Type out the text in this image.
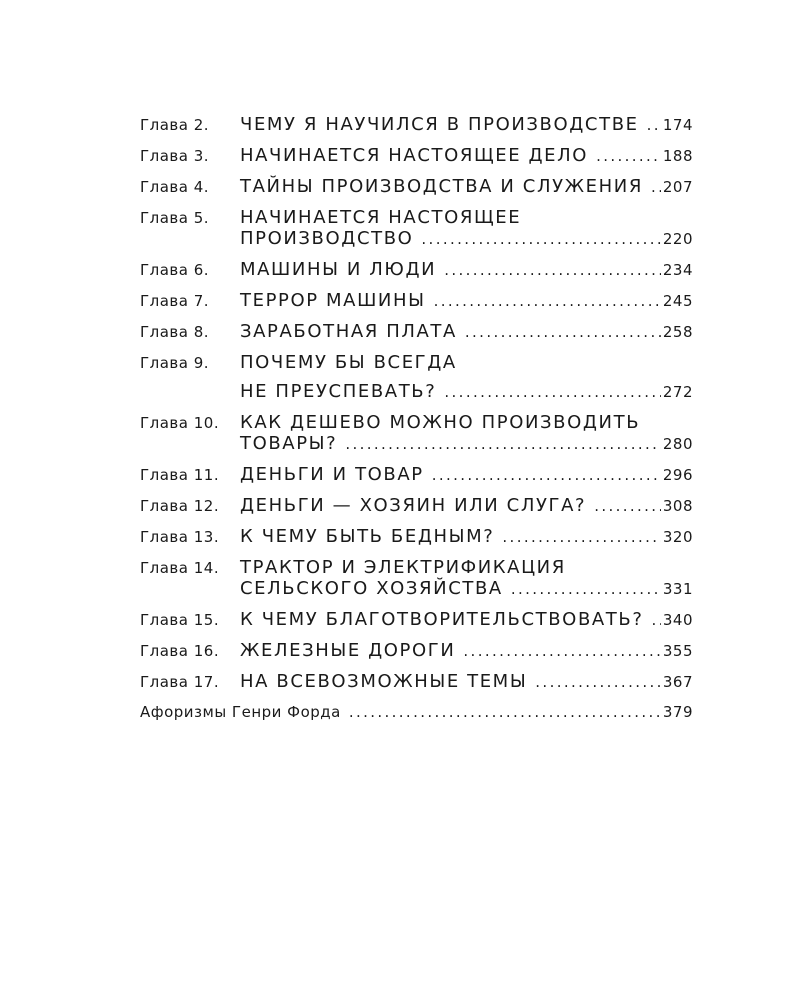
Глава 2.	ЧЕМУ Я НАУЧИЛСЯ В ПРОИЗВОДСТВЕ . . . 174
Глава 3.	НАЧИНАЕТСЯ НАСТОЯЩЕЕ ДЕЛО . . .	188
Глава 4.	ТАЙНЫ ПРОИЗВОДСТВА И СЛУЖЕНИЯ . . . 207
Глава 5.	НАЧИНАЕТСЯ НАСТОЯЩЕЕ
ПРОИЗВОДСТВО . . .	220
Глава 6.	МАШИНЫ И ЛЮДИ . . .	234
Глава 7.	ТЕРРОР МАШИНЫ . . .	245
Глава 8.	ЗАРАБОТНАЯ ПЛАТА . . .	258
Глава 9.	ПОЧЕМУ БЫ ВСЕГДА
НЕ ПРЕУСПЕВАТЬ? . . .	272
Глава 10.	КАК ДЕШЕВО МОЖНО ПРОИЗВОДИТЬ
ТОВАРЫ? . . .	280
Глава 11.	ДЕНЬГИ И ТОВАР . . .	296
Глава 12.	ДЕНЬГИ — ХОЗЯИН ИЛИ СЛУГА? . . .	308
Глава 13.	К ЧЕМУ БЫТЬ БЕДНЫМ? . . .	320
Глава 14.	ТРАКТОР И ЭЛЕКТРИФИКАЦИЯ
СЕЛЬСКОГО ХОЗЯЙСТВА . . .	331
Глава 15.	К ЧЕМУ БЛАГОТВОРИТЕЛЬСТВОВАТЬ? . . . 340
Глава 16.	ЖЕЛЕЗНЫЕ ДОРОГИ . . .	355
Глава 17.	НА ВСЕВОЗМОЖНЫЕ ТЕМЫ . . .	367
Афоризмы Генри Форда . . .	379
